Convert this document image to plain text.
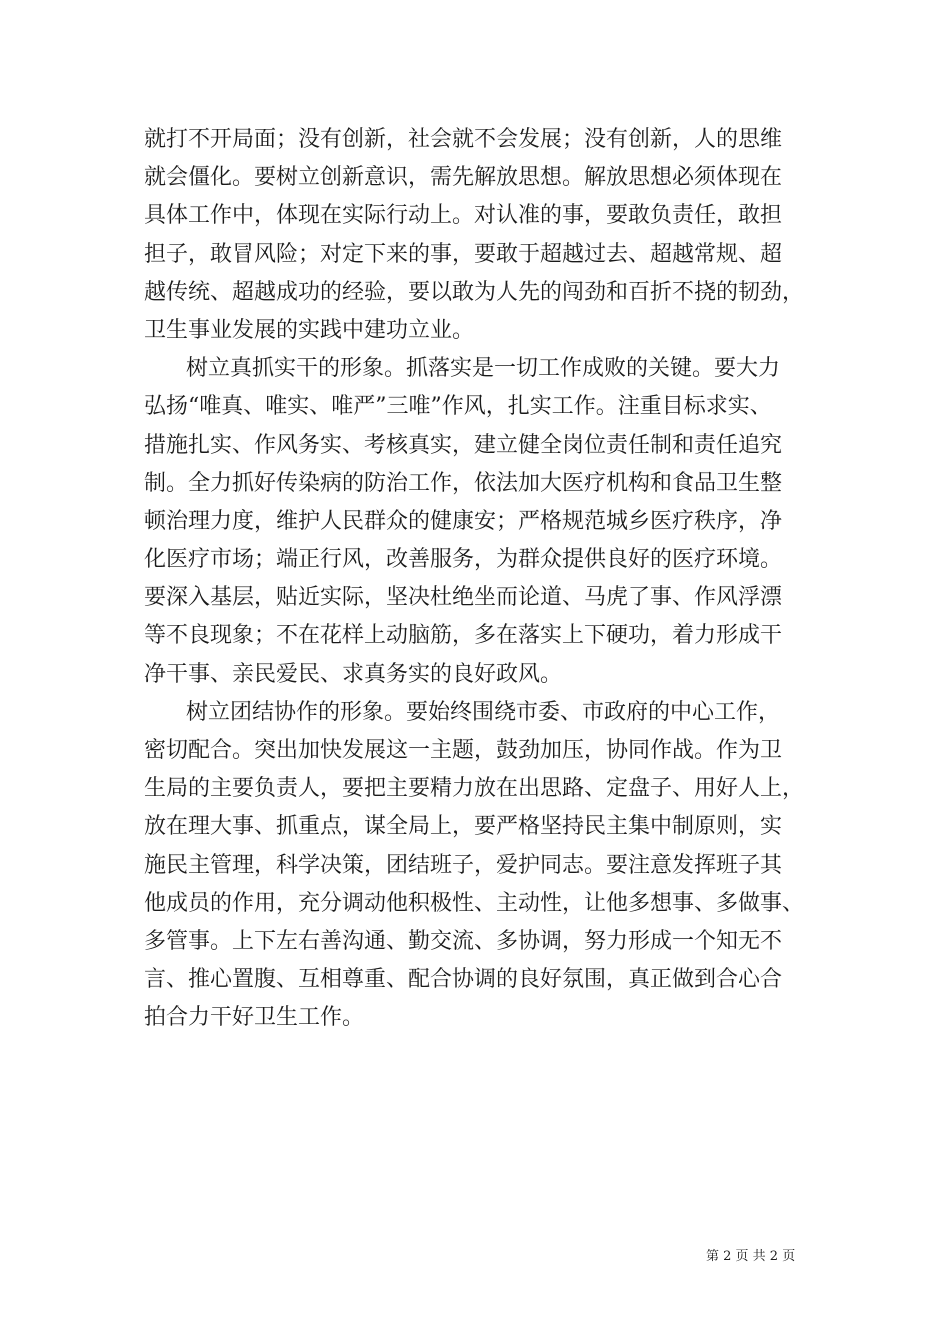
就打不开局面；没有创新，社会就不会发展；没有创新，人的思维
就会僵化。要树立创新意识，需先解放思想。解放思想必须体现在
具体工作中，体现在实际行动上。对认准的事，要敢负责任，敢担
担子，敢冒风险；对定下来的事，要敢于超越过去、超越常规、超
越传统、超越成功的经验，要以敢为人先的闯劲和百折不挠的韧劲，
卫生事业发展的实践中建功立业。
树立真抓实干的形象。抓落实是一切工作成败的关键。要大力
弘扬“唯真、唯实、唯严”三唯”作风，扎实工作。注重目标求实、
措施扎实、作风务实、考核真实，建立健全岗位责任制和责任追究
制。全力抓好传染病的防治工作，依法加大医疗机构和食品卫生整
顿治理力度，维护人民群众的健康安；严格规范城乡医疗秩序，净
化医疗市场；端正行风，改善服务，为群众提供良好的医疗环境。
要深入基层，贴近实际，坚决杜绝坐而论道、马虎了事、作风浮漂
等不良现象；不在花样上动脑筋，多在落实上下硬功，着力形成干
净干事、亲民爱民、求真务实的良好政风。
树立团结协作的形象。要始终围绕市委、市政府的中心工作，
密切配合。突出加快发展这一主题，鼓劲加压，协同作战。作为卫
生局的主要负责人，要把主要精力放在出思路、定盘子、用好人上，
放在理大事、抓重点，谋全局上，要严格坚持民主集中制原则，实
施民主管理，科学决策，团结班子，爱护同志。要注意发挥班子其
他成员的作用，充分调动他积极性、主动性，让他多想事、多做事、
多管事。上下左右善沟通、勤交流、多协调，努力形成一个知无不
言、推心置腹、互相尊重、配合协调的良好氛围，真正做到合心合
拍合力干好卫生工作。
第 2 页 共 2 页
